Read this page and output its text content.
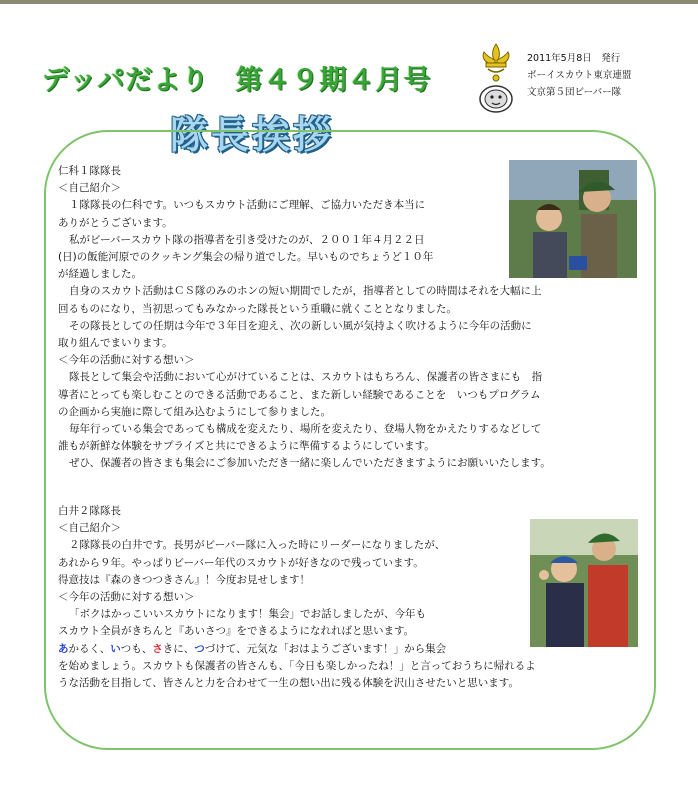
デッパだより 第４９期４月号
2011年5月8日　発行
ボーイスカウト東京連盟
文京第５団ビーバー隊
隊長挨拶

仁科１隊隊長

＜自己紹介＞

１隊隊長の仁科です。いつもスカウト活動にご理解、ご協力いただき本当に

ありがとうございます。

私がビーバースカウト隊の指導者を引き受けたのが、２００１年４月２２日

(日)の飯能河原でのクッキング集会の帰り道でした。早いものでちょうど１０年

が経過しました。

自身のスカウト活動はＣＳ隊のみのホンの短い期間でしたが，指導者としての時間はそれを大幅に上

回るものになり，当初思ってもみなかった隊長という重職に就くこととなりました。

その隊長としての任期は今年で３年目を迎え、次の新しい風が気持よく吹けるように今年の活動に

取り組んでまいります。

＜今年の活動に対する想い＞

隊長として集会や活動において心がけていることは、スカウトはもちろん、保護者の皆さまにも　指

導者にとっても楽しむことのできる活動であること、また新しい経験であることを　いつもプログラム

の企画から実施に際して組み込むようにして参りました。

毎年行っている集会であっても構成を変えたり、場所を変えたり、登場人物をかえたりするなどして

誰もが新鮮な体験をサプライズと共にできるように準備するようにしています。

ぜひ、保護者の皆さまも集会にご参加いただき一緒に楽しんでいただきますようにお願いいたします。

白井２隊隊長

＜自己紹介＞

２隊隊長の白井です。長男がビーバー隊に入った時にリーダーになりましたが、

あれから９年。やっぱりビーバー年代のスカウトが好きなので残っています。

得意技は『森のきつつきさん』！今度お見せします！

＜今年の活動に対する想い＞

「ボクはかっこいいスカウトになります！集会」でお話しましたが、今年も

スカウト全員がきちんと『あいさつ』をできるようになれればと思います。

あかるく、いつも、さきに、つづけて、元気な「おはようございます！」から集会

を始めましょう。スカウトも保護者の皆さんも、「今日も楽しかったね！」と言っておうちに帰れるよ

うな活動を目指して、皆さんと力を合わせて一生の想い出に残る体験を沢山させたいと思います。
